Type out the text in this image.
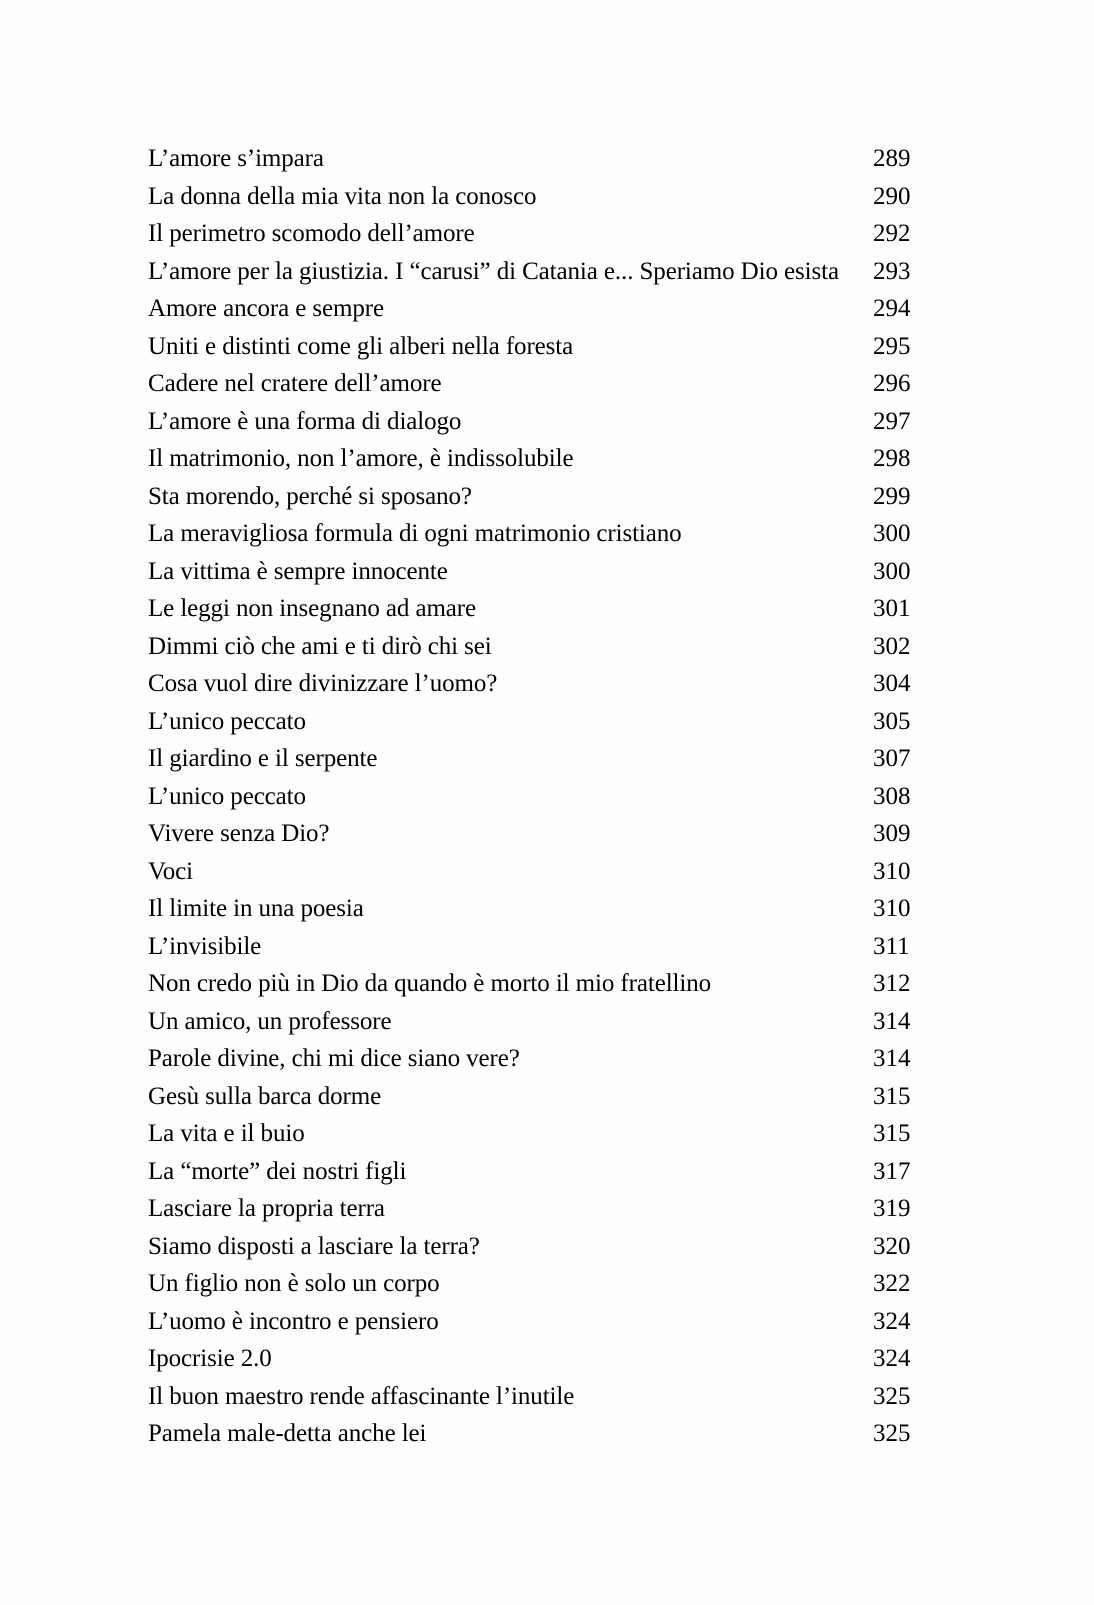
L’amore s’impara	289
La donna della mia vita non la conosco	290
Il perimetro scomodo dell’amore	292
L’amore per la giustizia. I “carusi” di Catania e... Speriamo Dio esista	293
Amore ancora e sempre	294
Uniti e distinti come gli alberi nella foresta	295
Cadere nel cratere dell’amore	296
L’amore è una forma di dialogo	297
Il matrimonio, non l’amore, è indissolubile	298
Sta morendo, perché si sposano?	299
La meravigliosa formula di ogni matrimonio cristiano	300
La vittima è sempre innocente	300
Le leggi non insegnano ad amare	301
Dimmi ciò che ami e ti dirò chi sei	302
Cosa vuol dire divinizzare l’uomo?	304
L’unico peccato	305
Il giardino e il serpente	307
L’unico peccato	308
Vivere senza Dio?	309
Voci	310
Il limite in una poesia	310
L’invisibile	311
Non credo più in Dio da quando è morto il mio fratellino	312
Un amico, un professore	314
Parole divine, chi mi dice siano vere?	314
Gesù sulla barca dorme	315
La vita e il buio	315
La “morte” dei nostri figli	317
Lasciare la propria terra	319
Siamo disposti a lasciare la terra?	320
Un figlio non è solo un corpo	322
L’uomo è incontro e pensiero	324
Ipocrisie 2.0	324
Il buon maestro rende affascinante l’inutile	325
Pamela male-detta anche lei	325
